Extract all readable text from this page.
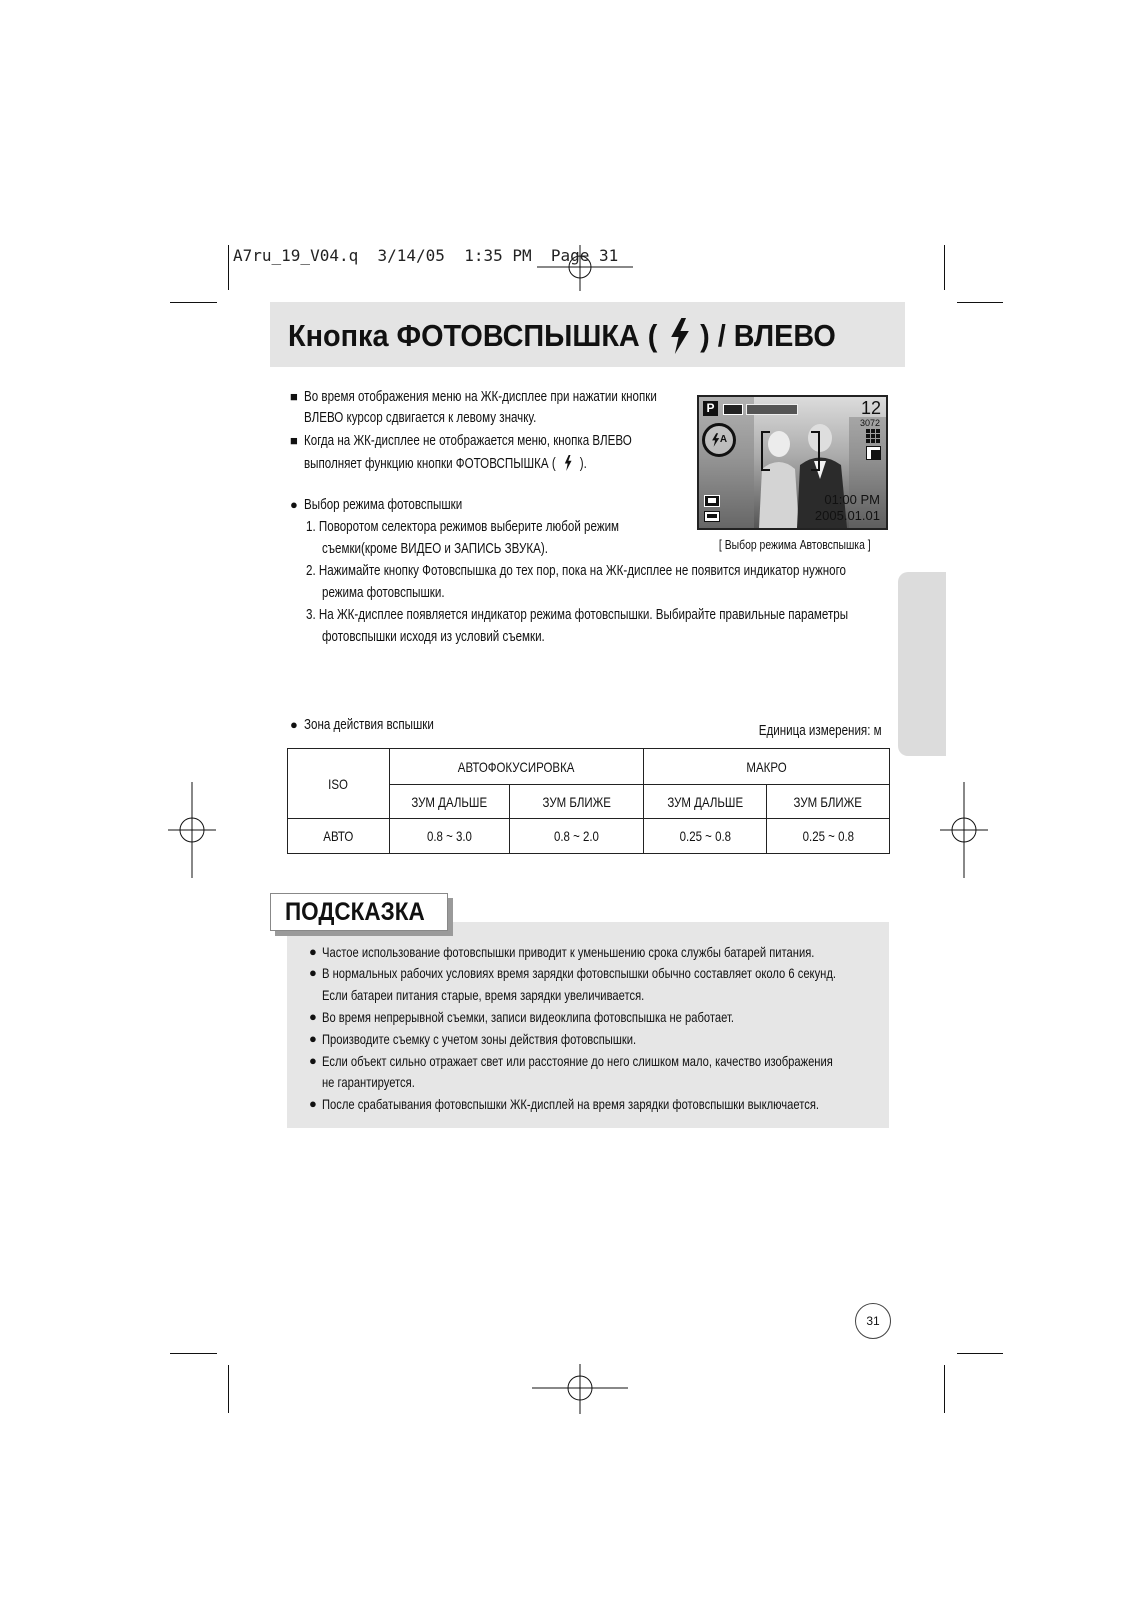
A7ru_19_V04.q  3/14/05  1:35 PM  Page 31
Кнопка ФОТОВСПЫШКА ( ) / ВЛЕВО
■ Во время отображения меню на ЖК-дисплее при нажатии кнопки
ВЛЕВО курсор сдвигается к левому значку.
■ Когда на ЖК-дисплее не отображается меню, кнопка ВЛЕВО
выполняет функцию кнопки ФОТОВСПЫШКА ( ).
● Выбор режима фотовспышки
1. Поворотом селектора режимов выберите любой режим
съемки(кроме ВИДЕО и ЗАПИСЬ ЗВУКА).
2. Нажимайте кнопку Фотовспышка до тех пор, пока на ЖК-дисплее не появится индикатор нужного
режима фотовспышки.
3. На ЖК-дисплее появляется индикатор режима фотовспышки. Выбирайте правильные параметры
фотовспышки исходя из условий съемки.
P	12
3072
A
01:00 PM
2005.01.01
[ Выбор режима Автовспышка ]
● Зона действия вспышки	Единица измерения: м
ISO	АВТОФОКУСИРОВКА		МАКРО	
	ЗУМ ДАЛЬШЕ	ЗУМ БЛИЖЕ	ЗУМ ДАЛЬШЕ	ЗУМ БЛИЖЕ
АВТО	0.8 ~ 3.0	0.8 ~ 2.0	0.25 ~ 0.8	0.25 ~ 0.8
ПОДСКАЗКА
● Частое использование фотовспышки приводит к уменьшению срока службы батарей питания.
● В нормальных рабочих условиях время зарядки фотовспышки обычно составляет около 6 секунд.
Если батареи питания старые, время зарядки увеличивается.
● Во время непрерывной съемки, записи видеоклипа фотовспышка не работает.
● Производите съемку с учетом зоны действия фотовспышки.
● Если объект сильно отражает свет или расстояние до него слишком мало, качество изображения
не гарантируется.
● После срабатывания фотовспышки ЖК-дисплей на время зарядки фотовспышки выключается.
31
